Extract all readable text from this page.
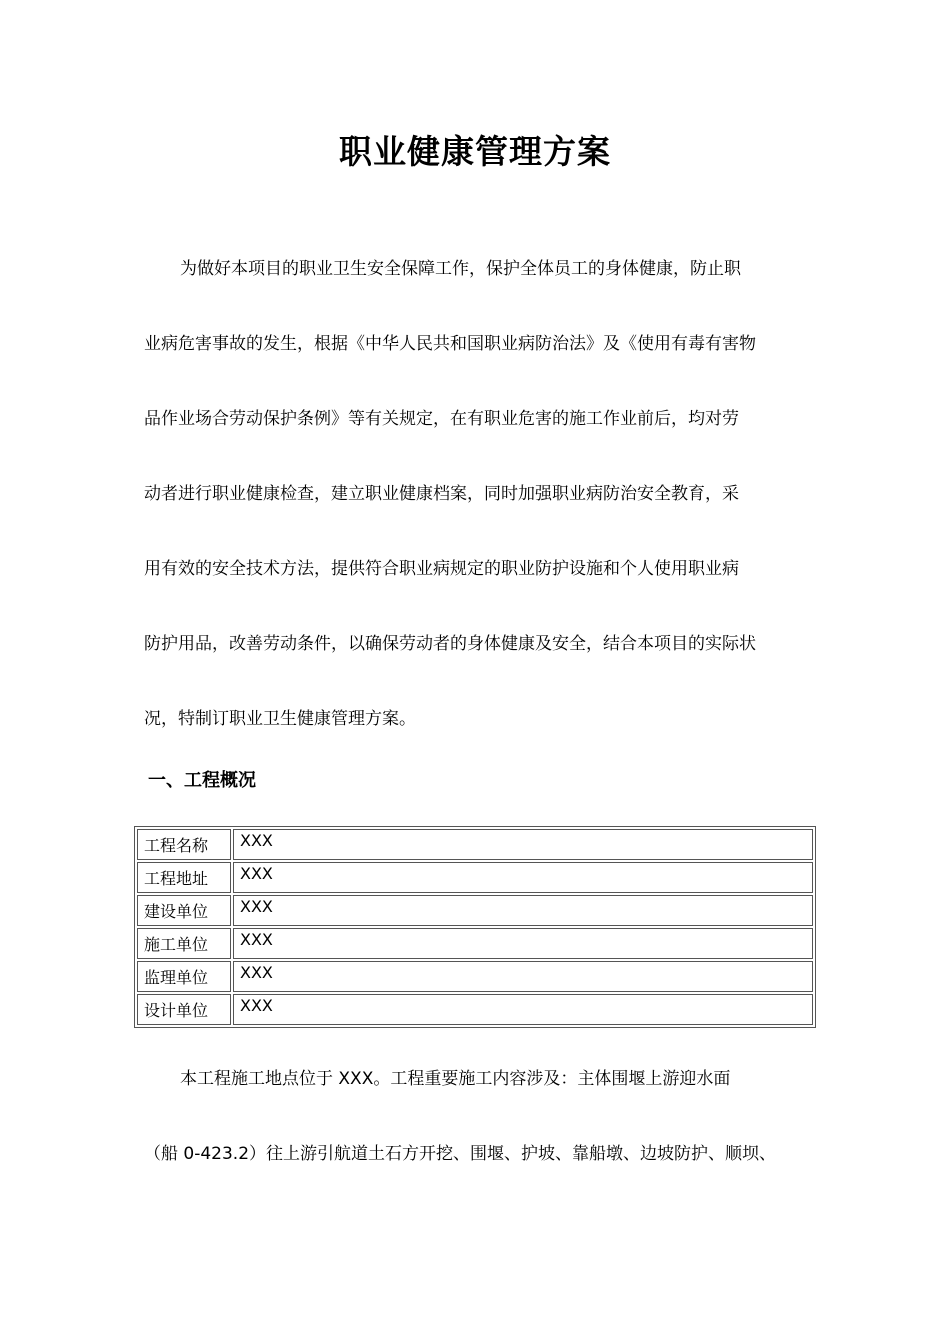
职业健康管理方案
为做好本项目的职业卫生安全保障工作，保护全体员工的身体健康，防止职
业病危害事故的发生，根据《中华人民共和国职业病防治法》及《使用有毒有害物
品作业场合劳动保护条例》等有关规定，在有职业危害的施工作业前后，均对劳
动者进行职业健康检查，建立职业健康档案，同时加强职业病防治安全教育，采
用有效的安全技术方法，提供符合职业病规定的职业防护设施和个人使用职业病
防护用品，改善劳动条件，以确保劳动者的身体健康及安全，结合本项目的实际状
况，特制订职业卫生健康管理方案。
一、工程概况
工程名称	XXX
工程地址	XXX
建设单位	XXX
施工单位	XXX
监理单位	XXX
设计单位	XXX
本工程施工地点位于 XXX。工程重要施工内容涉及：主体围堰上游迎水面
（船 0-423.2）往上游引航道土石方开挖、围堰、护坡、靠船墩、边坡防护、顺坝、
